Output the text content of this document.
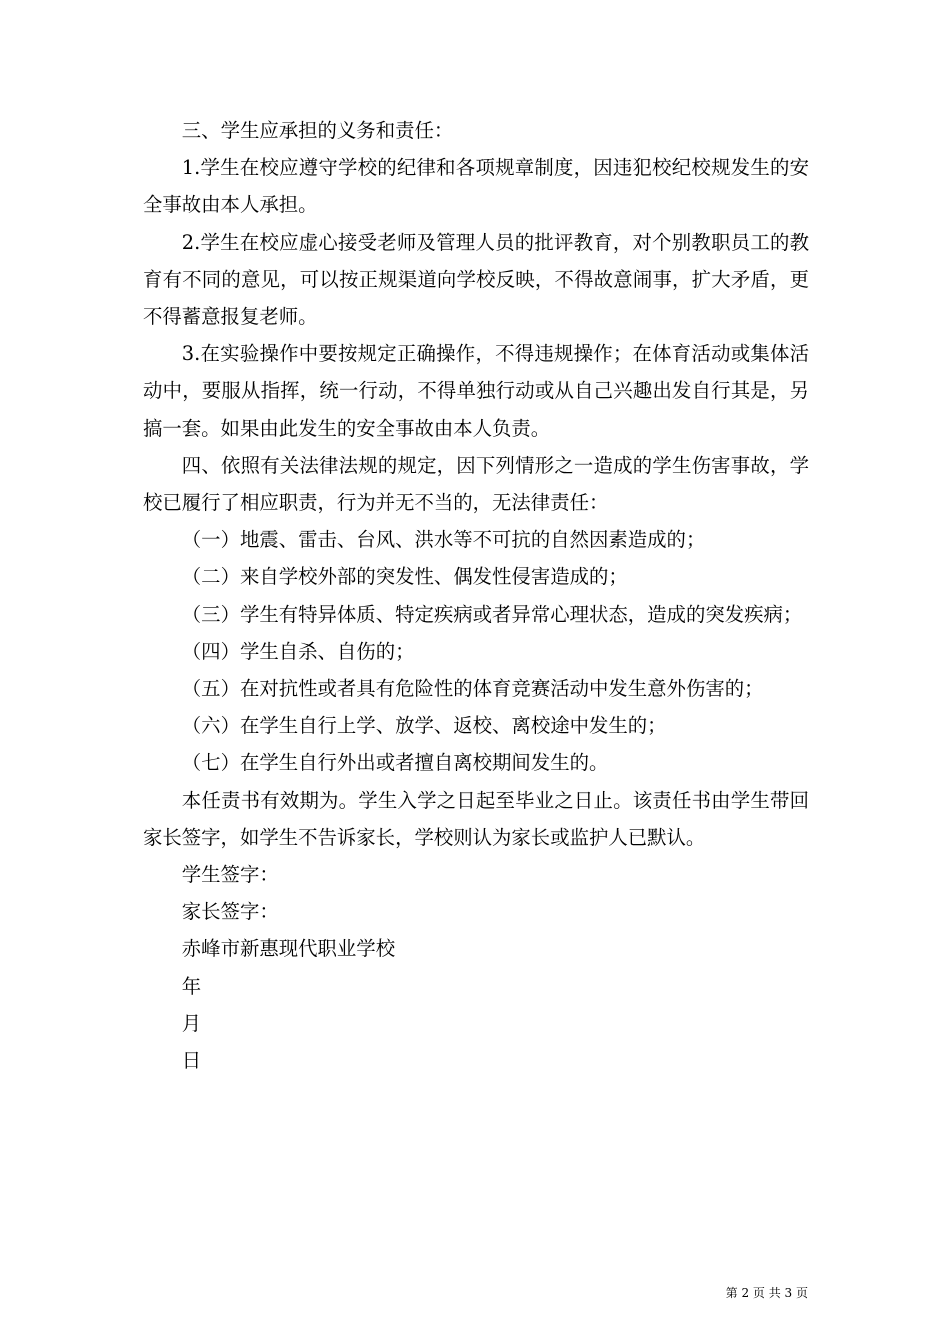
三、学生应承担的义务和责任：

1.学生在校应遵守学校的纪律和各项规章制度，因违犯校纪校规发生的安全事故由本人承担。

2.学生在校应虚心接受老师及管理人员的批评教育，对个别教职员工的教育有不同的意见，可以按正规渠道向学校反映，不得故意闹事，扩大矛盾，更不得蓄意报复老师。

3.在实验操作中要按规定正确操作，不得违规操作；在体育活动或集体活动中，要服从指挥，统一行动，不得单独行动或从自己兴趣出发自行其是，另搞一套。如果由此发生的安全事故由本人负责。

四、依照有关法律法规的规定，因下列情形之一造成的学生伤害事故，学校已履行了相应职责，行为并无不当的，无法律责任：

（一）地震、雷击、台风、洪水等不可抗的自然因素造成的；

（二）来自学校外部的突发性、偶发性侵害造成的；

（三）学生有特异体质、特定疾病或者异常心理状态，造成的突发疾病；

（四）学生自杀、自伤的；

（五）在对抗性或者具有危险性的体育竞赛活动中发生意外伤害的；

（六）在学生自行上学、放学、返校、离校途中发生的；

（七）在学生自行外出或者擅自离校期间发生的。

本任责书有效期为。学生入学之日起至毕业之日止。该责任书由学生带回家长签字，如学生不告诉家长，学校则认为家长或监护人已默认。

学生签字：

家长签字：

赤峰市新惠现代职业学校

年

月

日

第 2 页 共 3 页
